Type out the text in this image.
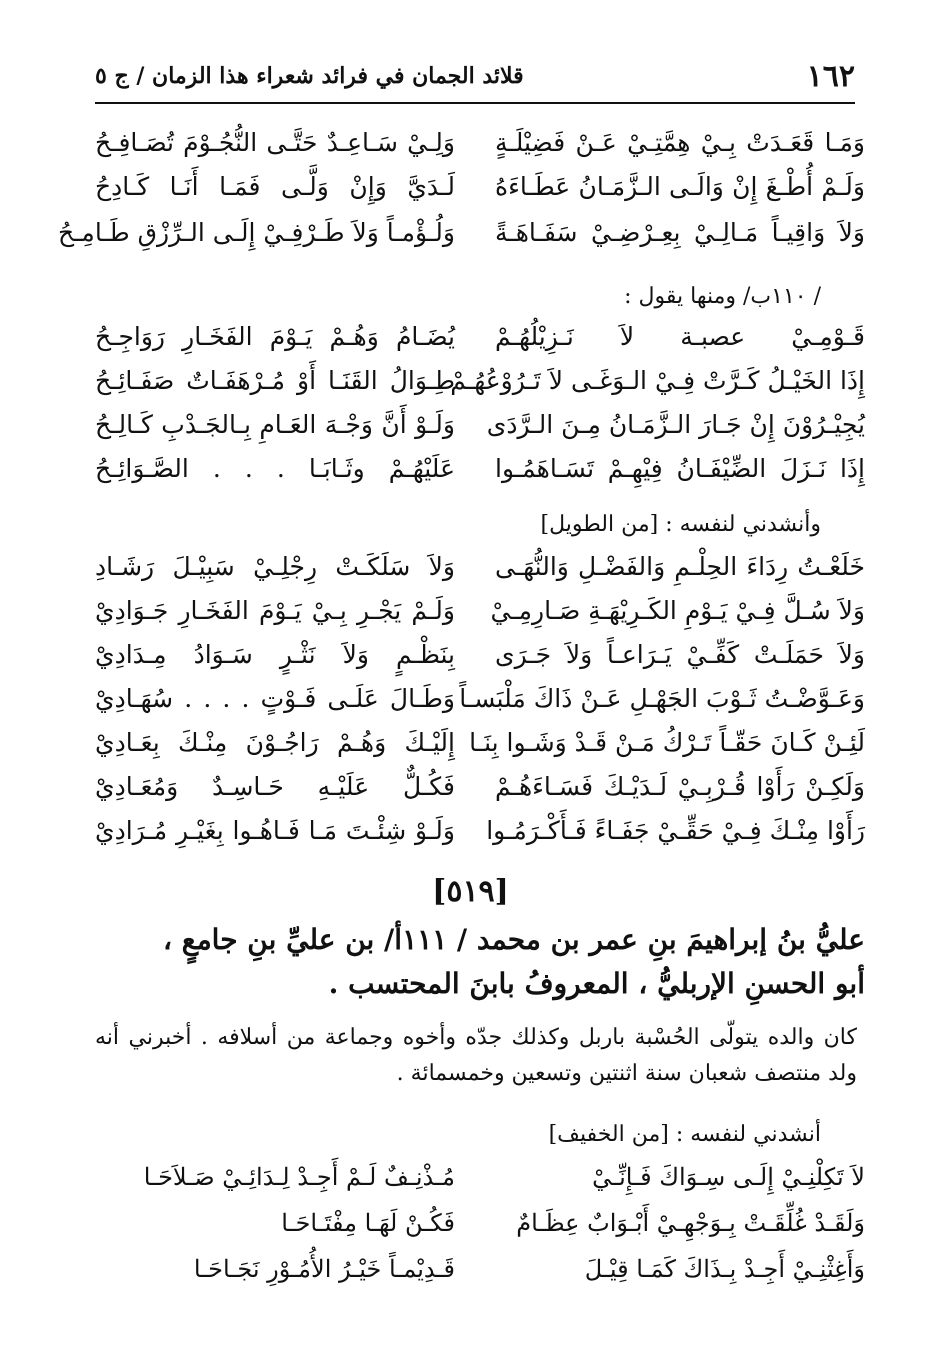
١٦٢
قلائد الجمان في فرائد شعراء هذا الزمان / ج ٥
وَمَـا قَعَـدَتْ بِـيْ هِمَّتِـيْ عَـنْ فَضِيْلَـةٍ
وَلِـيْ سَـاعِـدٌ حَتَّـى النُّجُـوْمَ تُصَـافِـحُ
وَلَـمْ أُطْـغَ إِنْ وَالَـى الـزَّمَـانُ عَطَـاءَهُ
لَـدَيَّ وَإِنْ وَلَّـى فَمَـا أَنَـا كَـادِحُ
وَلاَ وَاقِيـاً مَـالِـيْ بِعِـرْضِـيْ سَفَـاهَـةً
وَلُـؤْمـاً وَلاَ طَـرْفِـيْ إِلَـى الـرِّزْقِ طَـامِـحُ
/ ١١٠ب/ ومنها يقول :
قَـوْمِـيْ عصبـة لاَ نَـزِيْلُهُـمْ
يُضَـامُ وَهُـمْ يَـوْمَ الفَخَـارِ رَوَاجِـحُ
إِذَا الخَيْـلُ كَـرَّتْ فِـيْ الـوَغَـى لاَ تَـرُوْعُهُـمْ
طِـوَالُ القَنَـا أَوْ مُـرْهَفَـاتٌ صَفَـائِـحُ
يُجِيْـرُوْنَ إِنْ جَـارَ الـزَّمَـانُ مِـنَ الـرَّدَى
وَلَـوْ أَنَّ وَجْـهَ العَـامِ بِـالجَـدْبِ كَـالِـحُ
إِذَا نَـزَلَ الضِّيْفَـانُ فِيْهِـمْ تَسَـاهَمُـوا
عَلَيْهُـمْ وثَـابَـا . . . الصَّـوَائِـحُ
وأنشدني لنفسه : [من الطويل]
خَلَعْـتُ رِدَاءَ الحِلْـمِ وَالفَضْـلِ وَالنُّهَـى
وَلاَ سَلَكَـتْ رِجْلِـيْ سَبِيْـلَ رَشَـادِ
وَلاَ سُـلَّ فِـيْ يَـوْمِ الكَـرِيْهَـةِ صَـارِمِـيْ
وَلَـمْ يَجْـرِ بِـيْ يَـوْمَ الفَخَـارِ جَـوَادِيْ
وَلاَ حَمَلَـتْ كَفِّـيْ يَـرَاعـاً وَلاَ جَـرَى
بِنَظْـمٍ وَلاَ نَثْـرٍ سَـوَادُ مِـدَادِيْ
وَعَـوَّضْـتُ ثَـوْبَ الجَهْـلِ عَـنْ ذَاكَ مَلْبَسـاً
وَطَـالَ عَلَـى فَـوْتٍ . . . . سُهَـادِيْ
لَئِـنْ كَـانَ حَقّـاً تَـرْكُ مَـنْ قَـدْ وَشَـوا بِنَـا
إِلَيْـكَ وَهُـمْ رَاجُـوْنَ مِنْـكَ بِعَـادِيْ
وَلَكِـنْ رَأَوْا قُـرْبِـيْ لَـدَيْـكَ فَسَـاءَهُـمْ
فَكُـلٌّ عَلَيْـهِ حَـاسِـدٌ وَمُعَـادِيْ
رَأَوْا مِنْـكَ فِـيْ حَقِّـيْ جَفَـاءً فَـأَكْـرَمُـوا
وَلَـوْ شِئْـتَ مَـا فَـاهُـوا بِغَيْـرِ مُـرَادِيْ
[٥١٩]
عليُّ بنُ إبراهيمَ بنِ عمر بن محمد / ١١١أ/ بن عليِّ بنِ جامعٍ ،
أبو الحسنِ الإربليُّ ، المعروفُ بابنَ المحتسب .

كان والده يتولّى الحُسْبة باربل وكذلك جدّه وأخوه وجماعة من أسلافه . أخبرني أنه

ولد منتصف شعبان سنة اثنتين وتسعين وخمسمائة .

أنشدني لنفسه : [من الخفيف]
لاَ تَكِلْنِـيْ إِلَـى سِـوَاكَ فَـإِنِّـيْ
مُـذْنِـفٌ لَـمْ أَجِـدْ لِـدَائِـيْ صَـلاَحَـا
وَلَقَـدْ غُلِّقَـتْ بِـوَجْهِـيْ أَبْـوَابٌ عِظَـامٌ
فَكُـنْ لَهَـا مِفْتَـاحَـا
وَأَغِثْنِـيْ أَجِـدْ بِـذَاكَ كَمَـا قِيْـلَ
قَـدِيْمـاً خَيْـرُ الأُمُـوْرِ نَجَـاحَـا
